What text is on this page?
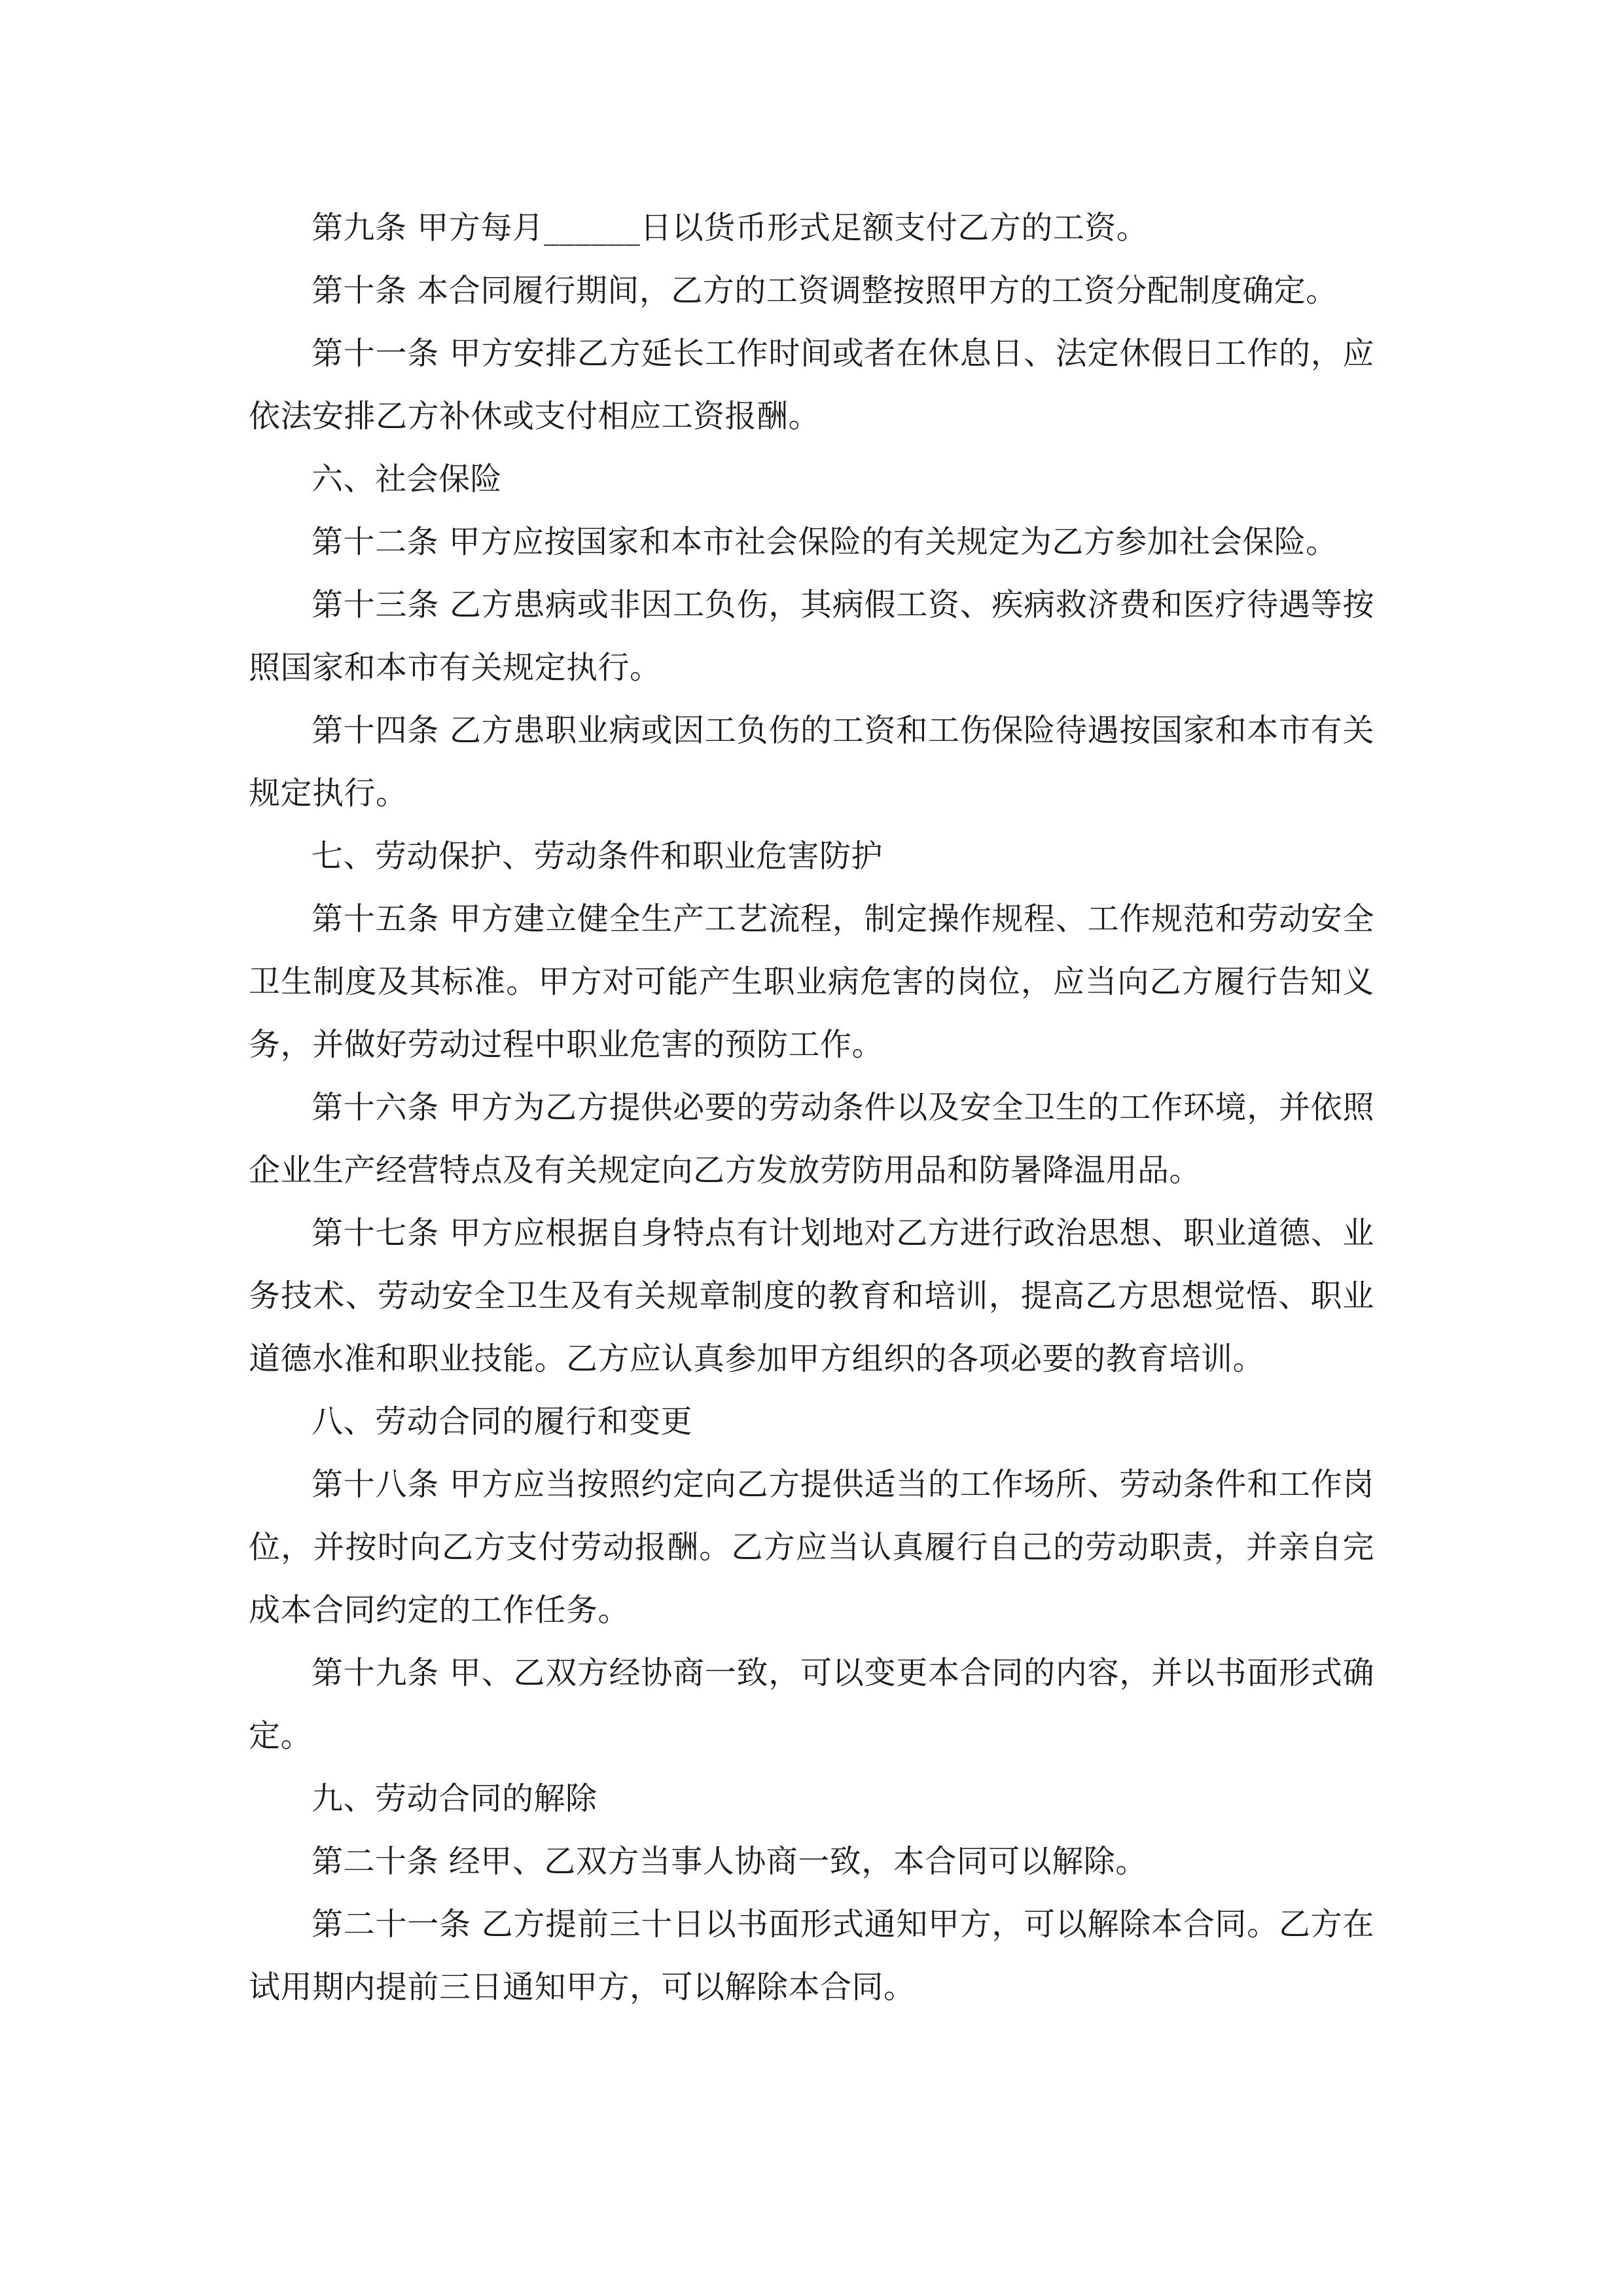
第九条 甲方每月______日以货币形式足额支付乙方的工资。

第十条 本合同履行期间，乙方的工资调整按照甲方的工资分配制度确定。

第十一条 甲方安排乙方延长工作时间或者在休息日、法定休假日工作的，应依法安排乙方补休或支付相应工资报酬。

六、社会保险

第十二条 甲方应按国家和本市社会保险的有关规定为乙方参加社会保险。

第十三条 乙方患病或非因工负伤，其病假工资、疾病救济费和医疗待遇等按照国家和本市有关规定执行。

第十四条 乙方患职业病或因工负伤的工资和工伤保险待遇按国家和本市有关规定执行。

七、劳动保护、劳动条件和职业危害防护

第十五条 甲方建立健全生产工艺流程，制定操作规程、工作规范和劳动安全卫生制度及其标准。甲方对可能产生职业病危害的岗位，应当向乙方履行告知义务，并做好劳动过程中职业危害的预防工作。

第十六条 甲方为乙方提供必要的劳动条件以及安全卫生的工作环境，并依照企业生产经营特点及有关规定向乙方发放劳防用品和防暑降温用品。

第十七条 甲方应根据自身特点有计划地对乙方进行政治思想、职业道德、业务技术、劳动安全卫生及有关规章制度的教育和培训，提高乙方思想觉悟、职业道德水准和职业技能。乙方应认真参加甲方组织的各项必要的教育培训。

八、劳动合同的履行和变更

第十八条 甲方应当按照约定向乙方提供适当的工作场所、劳动条件和工作岗位，并按时向乙方支付劳动报酬。乙方应当认真履行自己的劳动职责，并亲自完成本合同约定的工作任务。

第十九条 甲、乙双方经协商一致，可以变更本合同的内容，并以书面形式确定。

九、劳动合同的解除

第二十条 经甲、乙双方当事人协商一致，本合同可以解除。

第二十一条 乙方提前三十日以书面形式通知甲方，可以解除本合同。乙方在试用期内提前三日通知甲方，可以解除本合同。
